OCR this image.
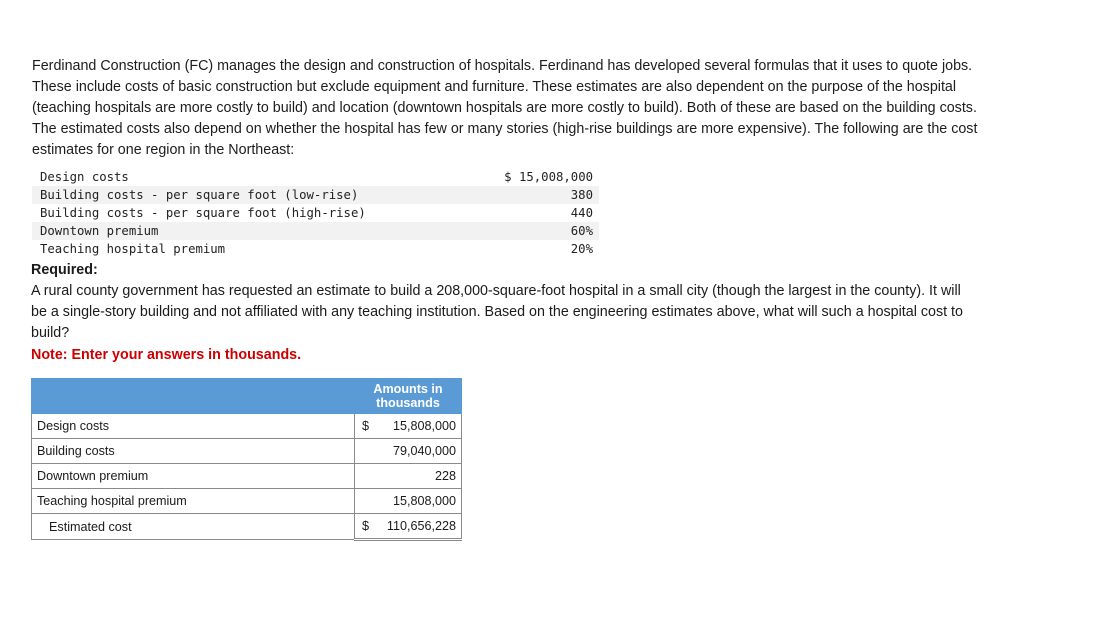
Ferdinand Construction (FC) manages the design and construction of hospitals. Ferdinand has developed several formulas that it uses to quote jobs. These include costs of basic construction but exclude equipment and furniture. These estimates are also dependent on the purpose of the hospital (teaching hospitals are more costly to build) and location (downtown hospitals are more costly to build). Both of these are based on the building costs. The estimated costs also depend on whether the hospital has few or many stories (high-rise buildings are more expensive). The following are the cost estimates for one region in the Northeast:
Design costs	$ 15,008,000
Building costs - per square foot (low-rise)	380
Building costs - per square foot (high-rise)	440
Downtown premium	60%
Teaching hospital premium	20%
Required:
A rural county government has requested an estimate to build a 208,000-square-foot hospital in a small city (though the largest in the county). It will be a single-story building and not affiliated with any teaching institution. Based on the engineering estimates above, what will such a hospital cost to build?
Note: Enter your answers in thousands.

	Amounts in
thousands

Design costs	$ 15,808,000
Building costs	79,040,000
Downtown premium	228
Teaching hospital premium	15,808,000
Estimated cost	$ 110,656,228
